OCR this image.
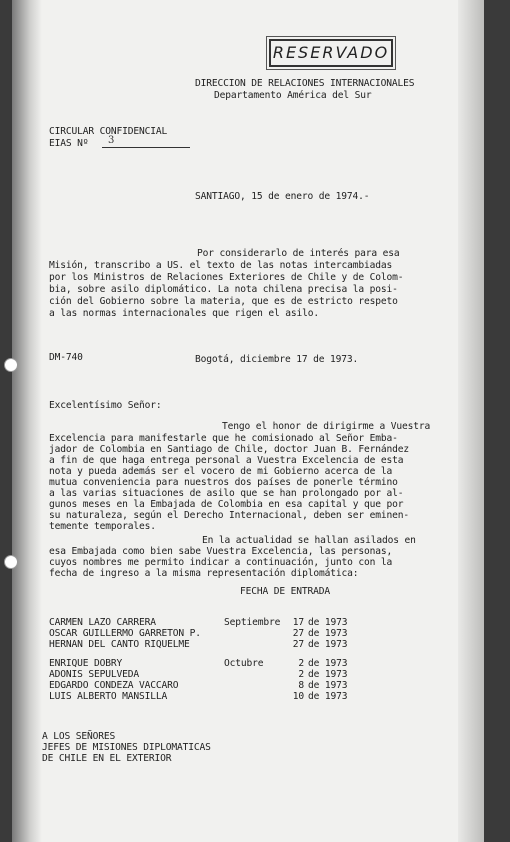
RESERVADO
DIRECCION DE RELACIONES INTERNACIONALES
Departamento América del Sur
CIRCULAR CONFIDENCIAL
EIAS Nº 3
SANTIAGO, 15 de enero de 1974.-
Por considerarlo de interés para esa
Misión, transcribo a US. el texto de las notas intercambiadas
por los Ministros de Relaciones Exteriores de Chile y de Colom-
bia, sobre asilo diplomático. La nota chilena precisa la posi-
ción del Gobierno sobre la materia, que es de estricto respeto
a las normas internacionales que rigen el asilo.
DM-740	Bogotá, diciembre 17 de 1973.
Excelentísimo Señor:
Tengo el honor de dirigirme a Vuestra
Excelencia para manifestarle que he comisionado al Señor Emba-
jador de Colombia en Santiago de Chile, doctor Juan B. Fernández
a fin de que haga entrega personal a Vuestra Excelencia de esta
nota y pueda además ser el vocero de mi Gobierno acerca de la
mutua conveniencia para nuestros dos países de ponerle término
a las varias situaciones de asilo que se han prolongado por al-
gunos meses en la Embajada de Colombia en esa capital y que por
su naturaleza, según el Derecho Internacional, deben ser eminen-
temente temporales.
En la actualidad se hallan asilados en
esa Embajada como bien sabe Vuestra Excelencia, las personas,
cuyos nombres me permito indicar a continuación, junto con la
fecha de ingreso a la misma representación diplomática:
FECHA DE ENTRADA
CARMEN LAZO CARRERA	Septiembre 17 de 1973
OSCAR GUILLERMO GARRETON P.	27 de 1973
HERNAN DEL CANTO RIQUELME	27 de 1973
ENRIQUE DOBRY	Octubre	2 de 1973
ADONIS SEPULVEDA	2 de 1973
EDGARDO CONDEZA VACCARO	8 de 1973
LUIS ALBERTO MANSILLA	10 de 1973
A LOS SEÑORES
JEFES DE MISIONES DIPLOMATICAS
DE CHILE EN EL EXTERIOR
